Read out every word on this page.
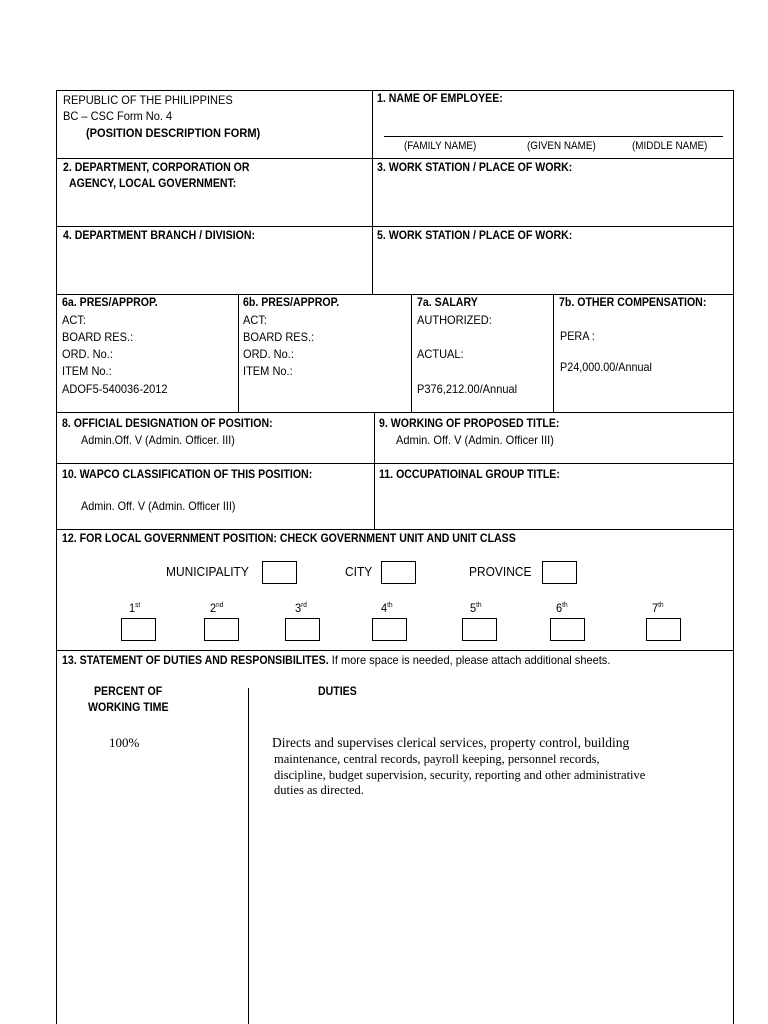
REPUBLIC OF THE PHILIPPINES
BC – CSC Form No. 4
(POSITION DESCRIPTION FORM)
1. NAME OF EMPLOYEE:
(FAMILY NAME)	(GIVEN NAME)	(MIDDLE NAME)
2. DEPARTMENT, CORPORATION OR
AGENCY, LOCAL GOVERNMENT:
3. WORK STATION / PLACE OF WORK:
4. DEPARTMENT BRANCH / DIVISION:	5. WORK STATION / PLACE OF WORK:
6a. PRES/APPROP.
ACT:
BOARD RES.:
ORD. No.:
ITEM No.:
ADOF5-540036-2012
6b. PRES/APPROP.
ACT:
BOARD RES.:
ORD. No.:
ITEM No.:
7a. SALARY
AUTHORIZED:
ACTUAL:
P376,212.00/Annual
7b. OTHER COMPENSATION:
PERA :
P24,000.00/Annual
8. OFFICIAL DESIGNATION OF POSITION:
Admin.Off. V (Admin. Officer. III)
9. WORKING OF PROPOSED TITLE:
Admin. Off. V (Admin. Officer III)
10. WAPCO CLASSIFICATION OF THIS POSITION:
Admin. Off. V (Admin. Officer III)
11. OCCUPATIOINAL GROUP TITLE:
12. FOR LOCAL GOVERNMENT POSITION: CHECK GOVERNMENT UNIT AND UNIT CLASS
MUNICIPALITY	CITY	PROVINCE
1st	2nd	3rd	4th	5th	6th	7th
13. STATEMENT OF DUTIES AND RESPONSIBILITES. If more space is needed, please attach additional sheets.
PERCENT OF
WORKING TIME
DUTIES
100%	Directs and supervises clerical services, property control, building
maintenance, central records, payroll keeping, personnel records,
discipline, budget supervision, security, reporting and other administrative
duties as directed.
